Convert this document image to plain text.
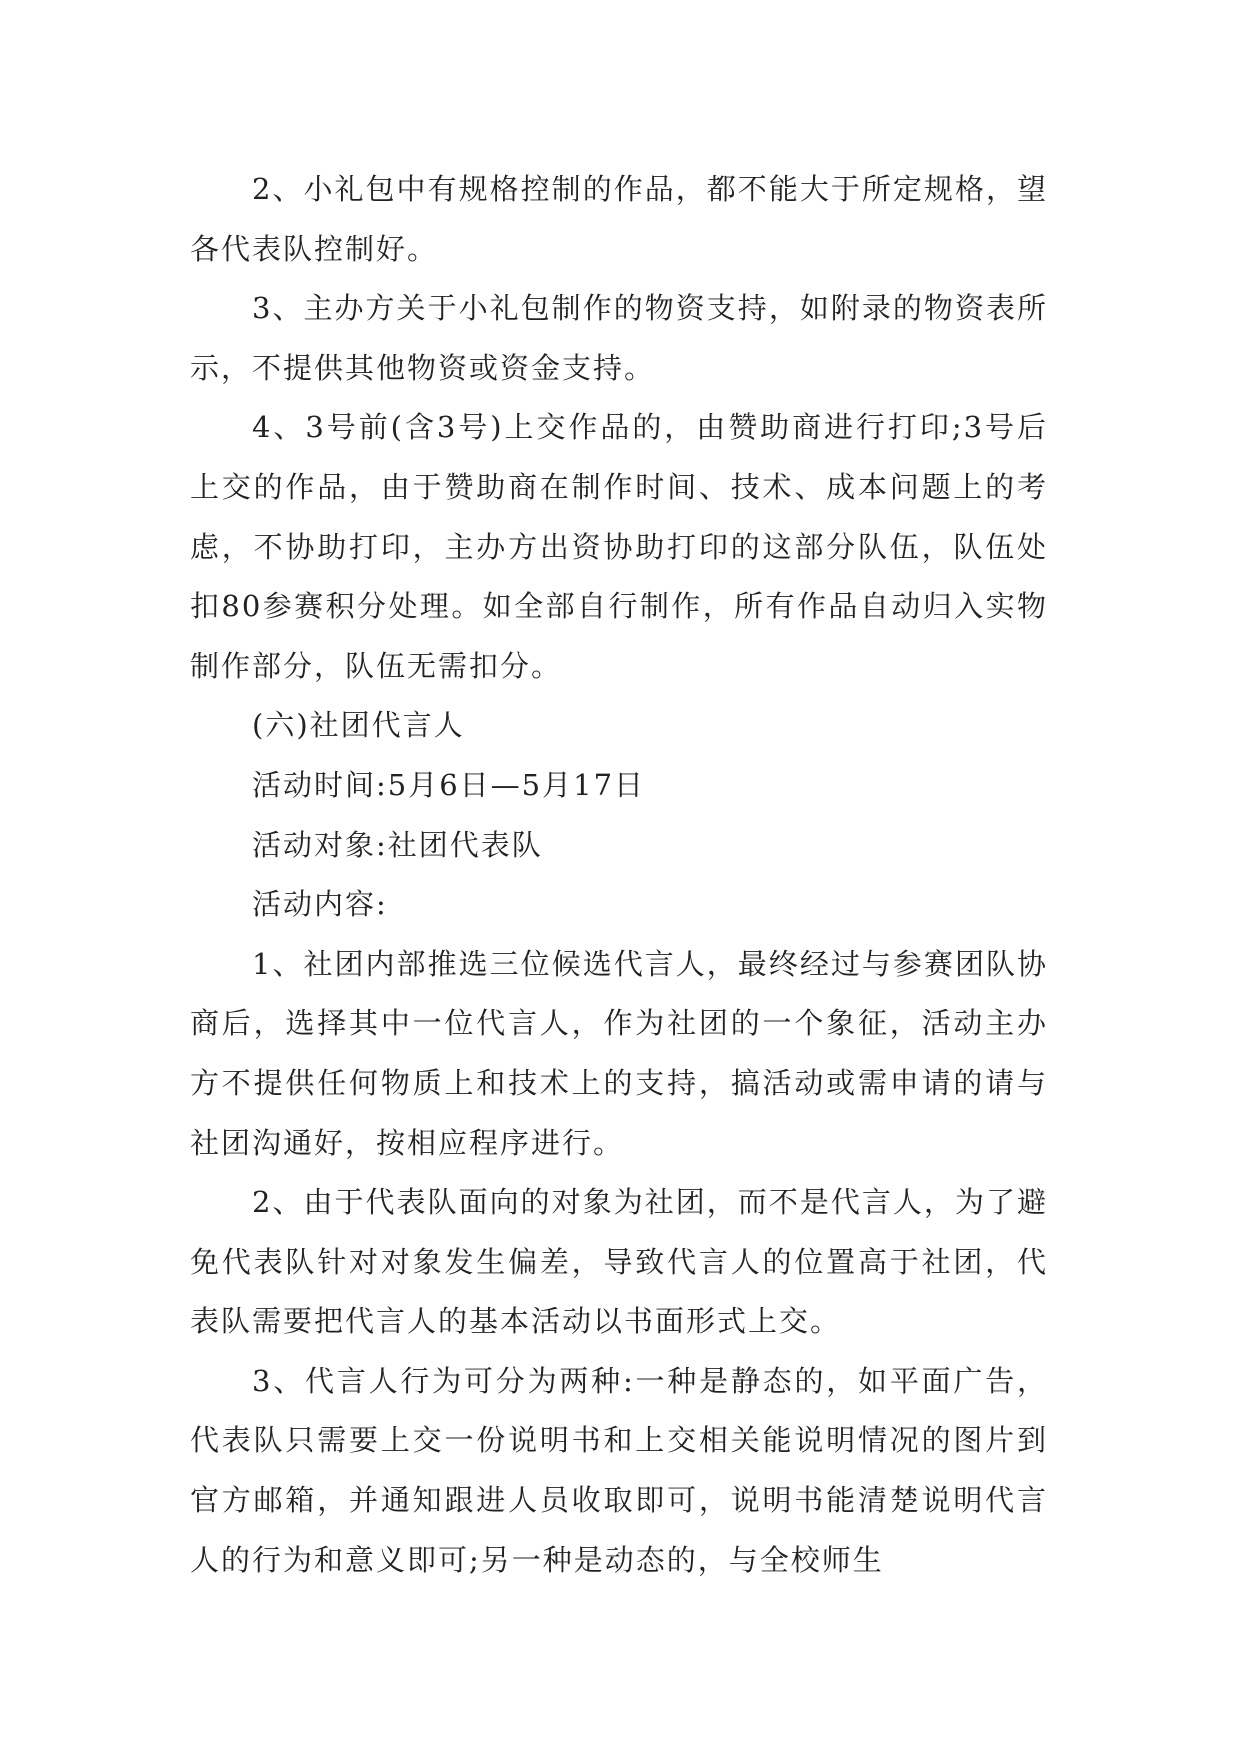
2、小礼包中有规格控制的作品，都不能大于所定规格，望各代表队控制好。

3、主办方关于小礼包制作的物资支持，如附录的物资表所示，不提供其他物资或资金支持。

4、3号前(含3号)上交作品的，由赞助商进行打印;3号后上交的作品，由于赞助商在制作时间、技术、成本问题上的考虑，不协助打印，主办方出资协助打印的这部分队伍，队伍处扣80参赛积分处理。如全部自行制作，所有作品自动归入实物制作部分，队伍无需扣分。

(六)社团代言人

活动时间:5月6日—5月17日

活动对象:社团代表队

活动内容:

1、社团内部推选三位候选代言人，最终经过与参赛团队协商后，选择其中一位代言人，作为社团的一个象征，活动主办方不提供任何物质上和技术上的支持，搞活动或需申请的请与社团沟通好，按相应程序进行。

2、由于代表队面向的对象为社团，而不是代言人，为了避免代表队针对对象发生偏差，导致代言人的位置高于社团，代表队需要把代言人的基本活动以书面形式上交。

3、代言人行为可分为两种:一种是静态的，如平面广告，代表队只需要上交一份说明书和上交相关能说明情况的图片到官方邮箱，并通知跟进人员收取即可，说明书能清楚说明代言人的行为和意义即可;另一种是动态的，与全校师生
